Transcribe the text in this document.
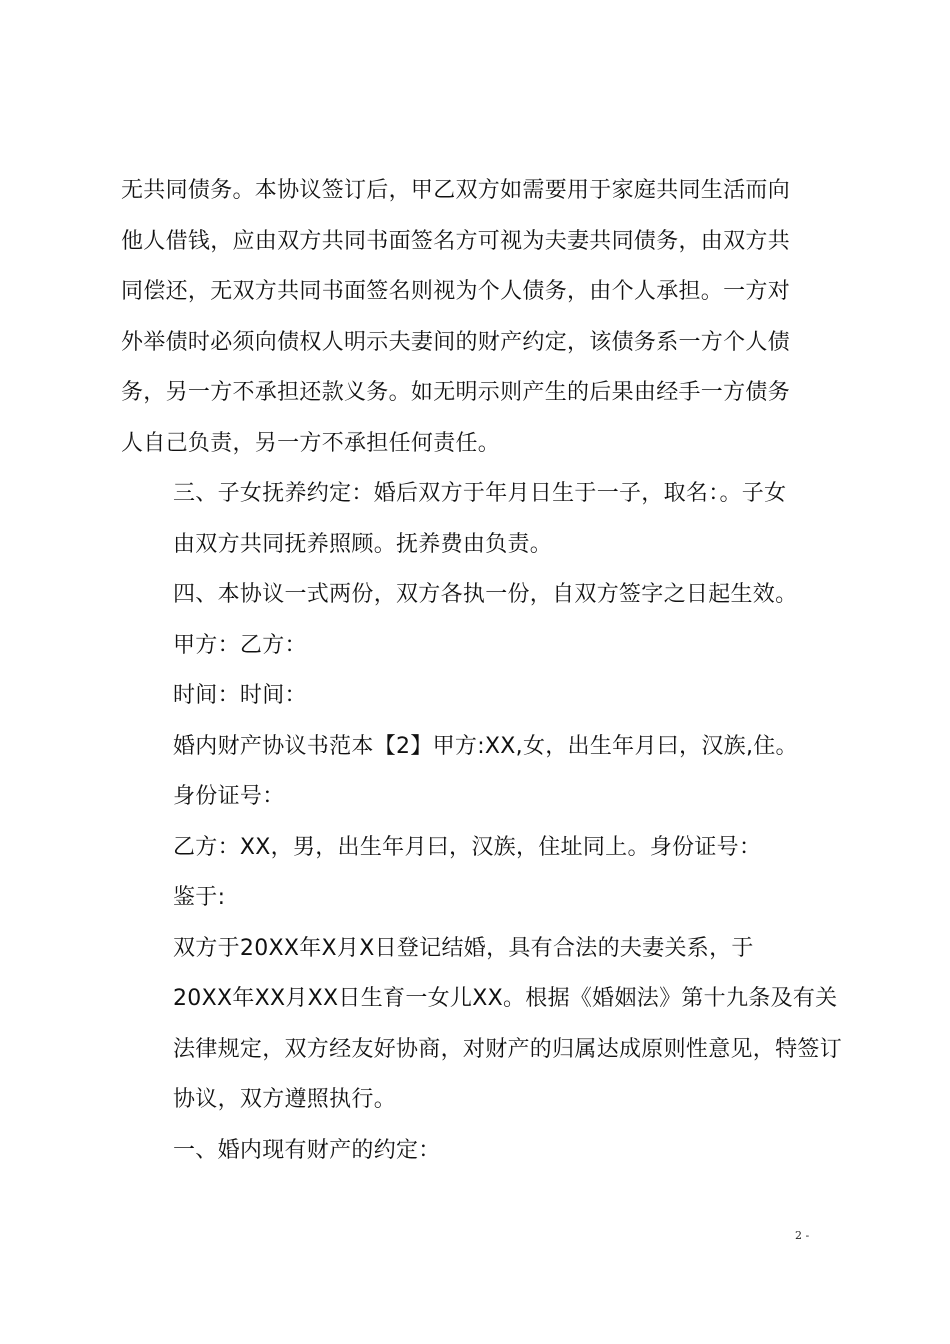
无共同债务。本协议签订后，甲乙双方如需要用于家庭共同生活而向
他人借钱，应由双方共同书面签名方可视为夫妻共同债务，由双方共
同偿还，无双方共同书面签名则视为个人债务，由个人承担。一方对
外举债时必须向债权人明示夫妻间的财产约定，该债务系一方个人债
务，另一方不承担还款义务。如无明示则产生的后果由经手一方债务
人自己负责，另一方不承担任何责任。
三、子女抚养约定：婚后双方于年月日生于一子，取名：。子女
由双方共同抚养照顾。抚养费由负责。
四、本协议一式两份，双方各执一份，自双方签字之日起生效。
甲方：乙方：
时间：时间：
婚内财产协议书范本【2】甲方:XX,女，出生年月曰，汉族,住。
身份证号：
乙方：XX，男，出生年月曰，汉族，住址同上。身份证号：
鉴于:
双方于20XX年X月X日登记结婚，具有合法的夫妻关系，于
20XX年XX月XX日生育一女儿XX。根据《婚姻法》第十九条及有关
法律规定，双方经友好协商，对财产的归属达成原则性意见，特签订
协议，双方遵照执行。
一、婚内现有财产的约定：
2 -
